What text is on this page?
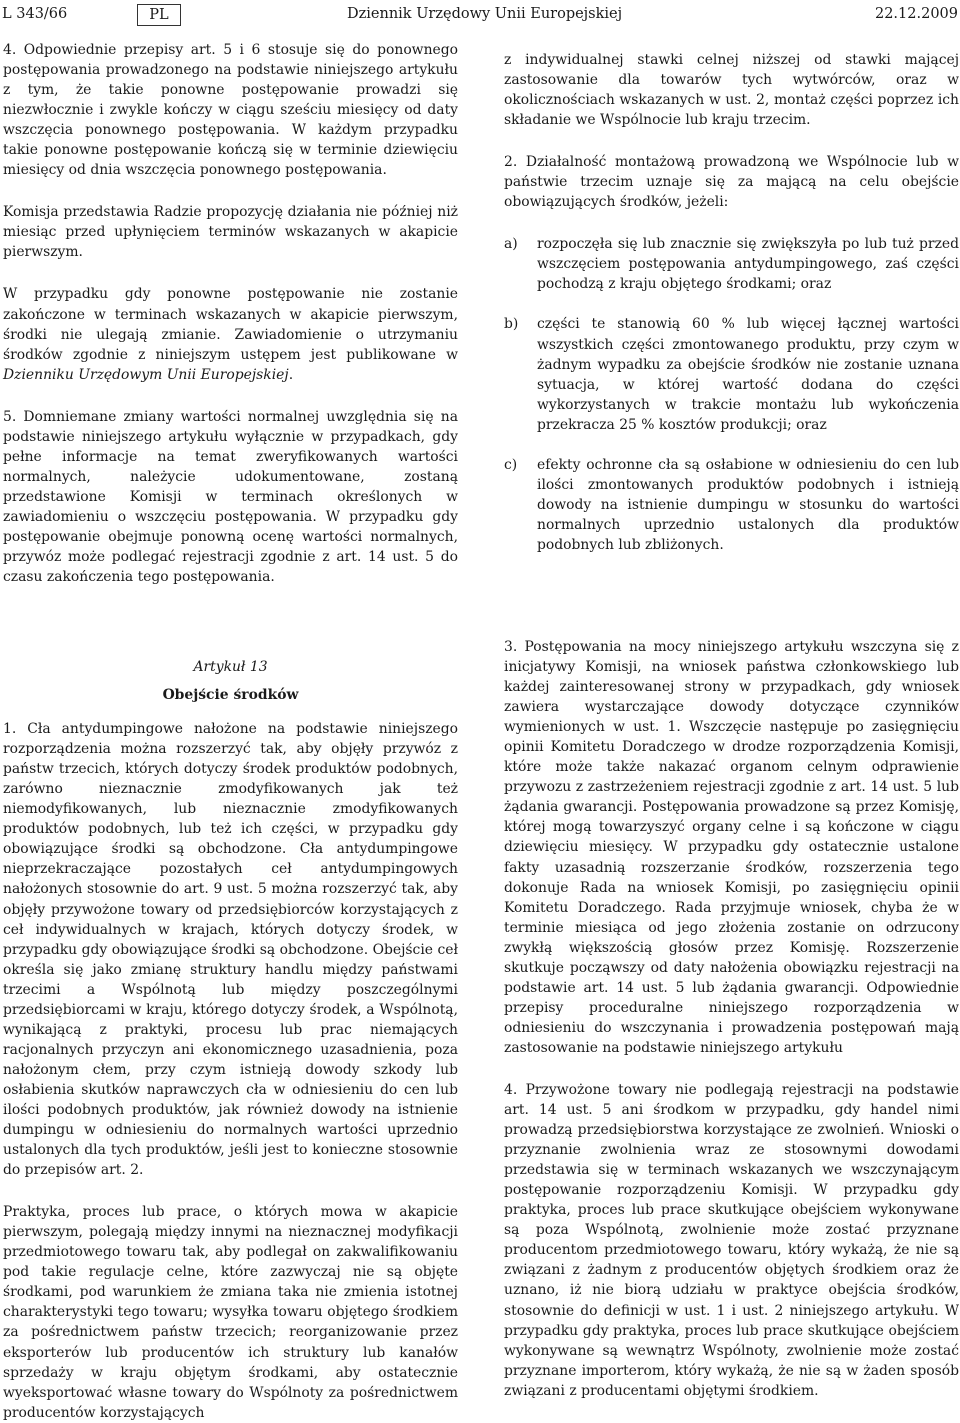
L 343/66	PL	Dziennik Urzędowy Unii Europejskiej	22.12.2009

4. Odpowiednie przepisy art. 5 i 6 stosuje się do ponownego postępowania prowadzonego na podstawie niniejszego artykułu z tym, że takie ponowne postępowanie prowadzi się niezwłocznie i zwykle kończy w ciągu sześciu miesięcy od daty wszczęcia ponownego postępowania. W każdym przypadku takie ponowne postępowanie kończą się w terminie dziewięciu miesięcy od dnia wszczęcia ponownego postępowania.

Komisja przedstawia Radzie propozycję działania nie później niż miesiąc przed upłynięciem terminów wskazanych w akapicie pierwszym.

W przypadku gdy ponowne postępowanie nie zostanie zakończone w terminach wskazanych w akapicie pierwszym, środki nie ulegają zmianie. Zawiadomienie o utrzymaniu środków zgodnie z niniejszym ustępem jest publikowane w Dzienniku Urzędowym Unii Europejskiej.

5. Domniemane zmiany wartości normalnej uwzględnia się na podstawie niniejszego artykułu wyłącznie w przypadkach, gdy pełne informacje na temat zweryfikowanych wartości normalnych, należycie udokumentowane, zostaną przedstawione Komisji w terminach określonych w zawiadomieniu o wszczęciu postępowania. W przypadku gdy postępowanie obejmuje ponowną ocenę wartości normalnych, przywóz może podlegać rejestracji zgodnie z art. 14 ust. 5 do czasu zakończenia tego postępowania.

z indywidualnej stawki celnej niższej od stawki mającej zastosowanie dla towarów tych wytwórców, oraz w okolicznościach wskazanych w ust. 2, montaż części poprzez ich składanie we Wspólnocie lub kraju trzecim.

2. Działalność montażową prowadzoną we Wspólnocie lub w państwie trzecim uznaje się za mającą na celu obejście obowiązujących środków, jeżeli:

a)	rozpoczęła się lub znacznie się zwiększyła po lub tuż przed wszczęciem postępowania antydumpingowego, zaś części pochodzą z kraju objętego środkami; oraz
b)	części te stanowią 60 % lub więcej łącznej wartości wszystkich części zmontowanego produktu, przy czym w żadnym wypadku za obejście środków nie zostanie uznana sytuacja, w której wartość dodana do części wykorzystanych w trakcie montażu lub wykończenia przekracza 25 % kosztów produkcji; oraz
c)	efekty ochronne cła są osłabione w odniesieniu do cen lub ilości zmontowanych produktów podobnych i istnieją dowody na istnienie dumpingu w stosunku do wartości normalnych uprzednio ustalonych dla produktów podobnych lub zbliżonych.
Artykuł 13
Obejście środków

1. Cła antydumpingowe nałożone na podstawie niniejszego rozporządzenia można rozszerzyć tak, aby objęły przywóz z państw trzecich, których dotyczy środek produktów podobnych, zarówno nieznacznie zmodyfikowanych jak też niemodyfikowanych, lub nieznacznie zmodyfikowanych produktów podobnych, lub też ich części, w przypadku gdy obowiązujące środki są obchodzone. Cła antydumpingowe nieprzekraczające pozostałych ceł antydumpingowych nałożonych stosownie do art. 9 ust. 5 można rozszerzyć tak, aby objęły przywożone towary od przedsiębiorców korzystających z ceł indywidualnych w krajach, których dotyczy środek, w przypadku gdy obowiązujące środki są obchodzone. Obejście ceł określa się jako zmianę struktury handlu między państwami trzecimi a Wspólnotą lub między poszczególnymi przedsiębiorcami w kraju, którego dotyczy środek, a Wspólnotą, wynikającą z praktyki, procesu lub prac niemających racjonalnych przyczyn ani ekonomicznego uzasadnienia, poza nałożonym cłem, przy czym istnieją dowody szkody lub osłabienia skutków naprawczych cła w odniesieniu do cen lub ilości podobnych produktów, jak również dowody na istnienie dumpingu w odniesieniu do normalnych wartości uprzednio ustalonych dla tych produktów, jeśli jest to konieczne stosownie do przepisów art. 2.

Praktyka, proces lub prace, o których mowa w akapicie pierwszym, polegają między innymi na nieznacznej modyfikacji przedmiotowego towaru tak, aby podlegał on zakwalifikowaniu pod takie regulacje celne, które zazwyczaj nie są objęte środkami, pod warunkiem że zmiana taka nie zmienia istotnej charakterystyki tego towaru; wysyłka towaru objętego środkiem za pośrednictwem państw trzecich; reorganizowanie przez eksporterów lub producentów ich struktury lub kanałów sprzedaży w kraju objętym środkami, aby ostatecznie wyeksportować własne towary do Wspólnoty za pośrednictwem producentów korzystających

3. Postępowania na mocy niniejszego artykułu wszczyna się z inicjatywy Komisji, na wniosek państwa członkowskiego lub każdej zainteresowanej strony w przypadkach, gdy wniosek zawiera wystarczające dowody dotyczące czynników wymienionych w ust. 1. Wszczęcie następuje po zasięgnięciu opinii Komitetu Doradczego w drodze rozporządzenia Komisji, które może także nakazać organom celnym odprawienie przywozu z zastrzeżeniem rejestracji zgodnie z art. 14 ust. 5 lub żądania gwarancji. Postępowania prowadzone są przez Komisję, której mogą towarzyszyć organy celne i są kończone w ciągu dziewięciu miesięcy. W przypadku gdy ostatecznie ustalone fakty uzasadnią rozszerzanie środków, rozszerzenia tego dokonuje Rada na wniosek Komisji, po zasięgnięciu opinii Komitetu Doradczego. Rada przyjmuje wniosek, chyba że w terminie miesiąca od jego złożenia zostanie on odrzucony zwykłą większością głosów przez Komisję. Rozszerzenie skutkuje począwszy od daty nałożenia obowiązku rejestracji na podstawie art. 14 ust. 5 lub żądania gwarancji. Odpowiednie przepisy proceduralne niniejszego rozporządzenia w odniesieniu do wszczynania i prowadzenia postępowań mają zastosowanie na podstawie niniejszego artykułu

4. Przywożone towary nie podlegają rejestracji na podstawie art. 14 ust. 5 ani środkom w przypadku, gdy handel nimi prowadzą przedsiębiorstwa korzystające ze zwolnień. Wnioski o przyznanie zwolnienia wraz ze stosownymi dowodami przedstawia się w terminach wskazanych we wszczynającym postępowanie rozporządzeniu Komisji. W przypadku gdy praktyka, proces lub prace skutkujące obejściem wykonywane są poza Wspólnotą, zwolnienie może zostać przyznane producentom przedmiotowego towaru, który wykażą, że nie są związani z żadnym z producentów objętych środkiem oraz że uznano, iż nie biorą udziału w praktyce obejścia środków, stosownie do definicji w ust. 1 i ust. 2 niniejszego artykułu. W przypadku gdy praktyka, proces lub prace skutkujące obejściem wykonywane są wewnątrz Wspólnoty, zwolnienie może zostać przyznane importerom, który wykażą, że nie są w żaden sposób związani z producentami objętymi środkiem.
